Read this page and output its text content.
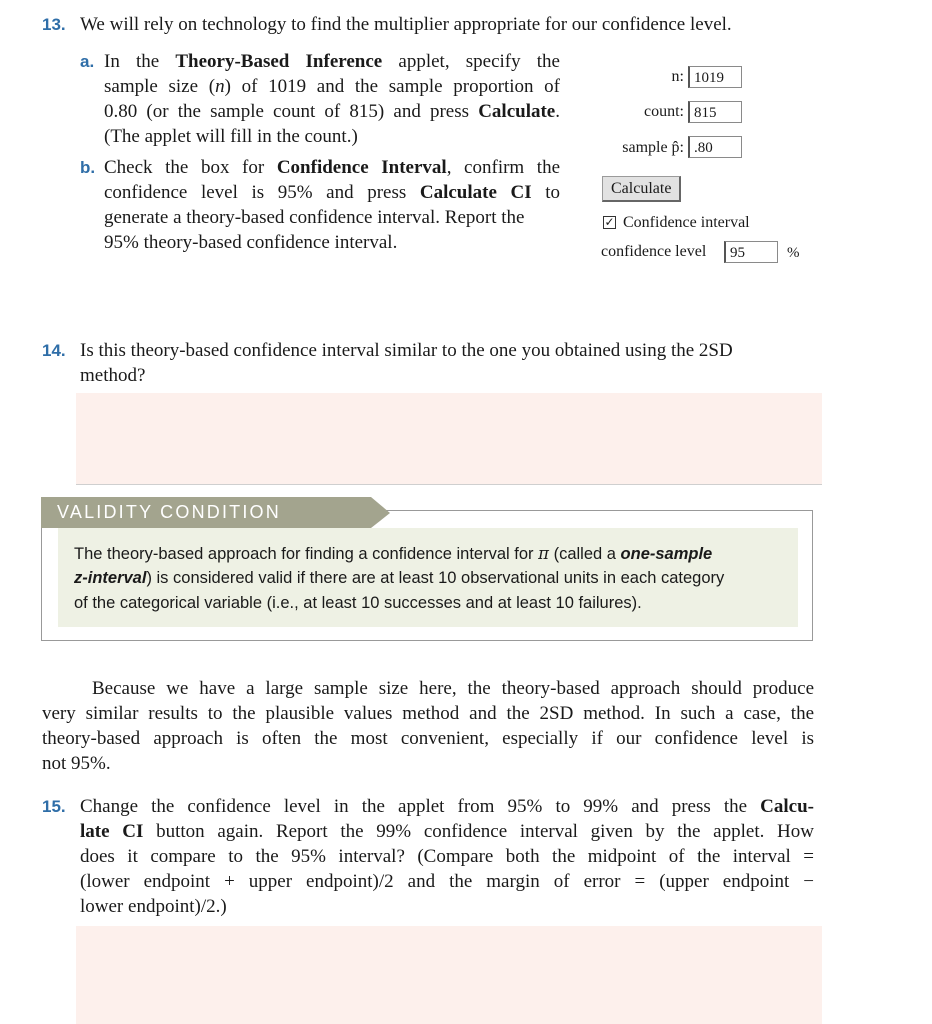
13. We will rely on technology to find the multiplier appropriate for our confidence level.
a. In the Theory-Based Inference applet, specify the
sample size (n) of 1019 and the sample proportion of
0.80 (or the sample count of 815) and press Calculate.
(The applet will fill in the count.)
b. Check the box for Confidence Interval, confirm the
confidence level is 95% and press Calculate CI to
generate a theory-based confidence interval. Report the
95% theory-based confidence interval.
n: 1019
count: 815
sample p̂: .80
Calculate
✓ Confidence interval
confidence level	95	%
14. Is this theory-based confidence interval similar to the one you obtained using the 2SD
method?
VALIDITY CONDITION
The theory-based approach for finding a confidence interval for π (called a one-sample
z-interval) is considered valid if there are at least 10 observational units in each category
of the categorical variable (i.e., at least 10 successes and at least 10 failures).
Because we have a large sample size here, the theory-based approach should produce
very similar results to the plausible values method and the 2SD method. In such a case, the
theory-based approach is often the most convenient, especially if our confidence level is
not 95%.
15. Change the confidence level in the applet from 95% to 99% and press the Calcu-
late CI button again. Report the 99% confidence interval given by the applet. How
does it compare to the 95% interval? (Compare both the midpoint of the interval =
(lower endpoint + upper endpoint)/2 and the margin of error = (upper endpoint −
lower endpoint)/2.)
